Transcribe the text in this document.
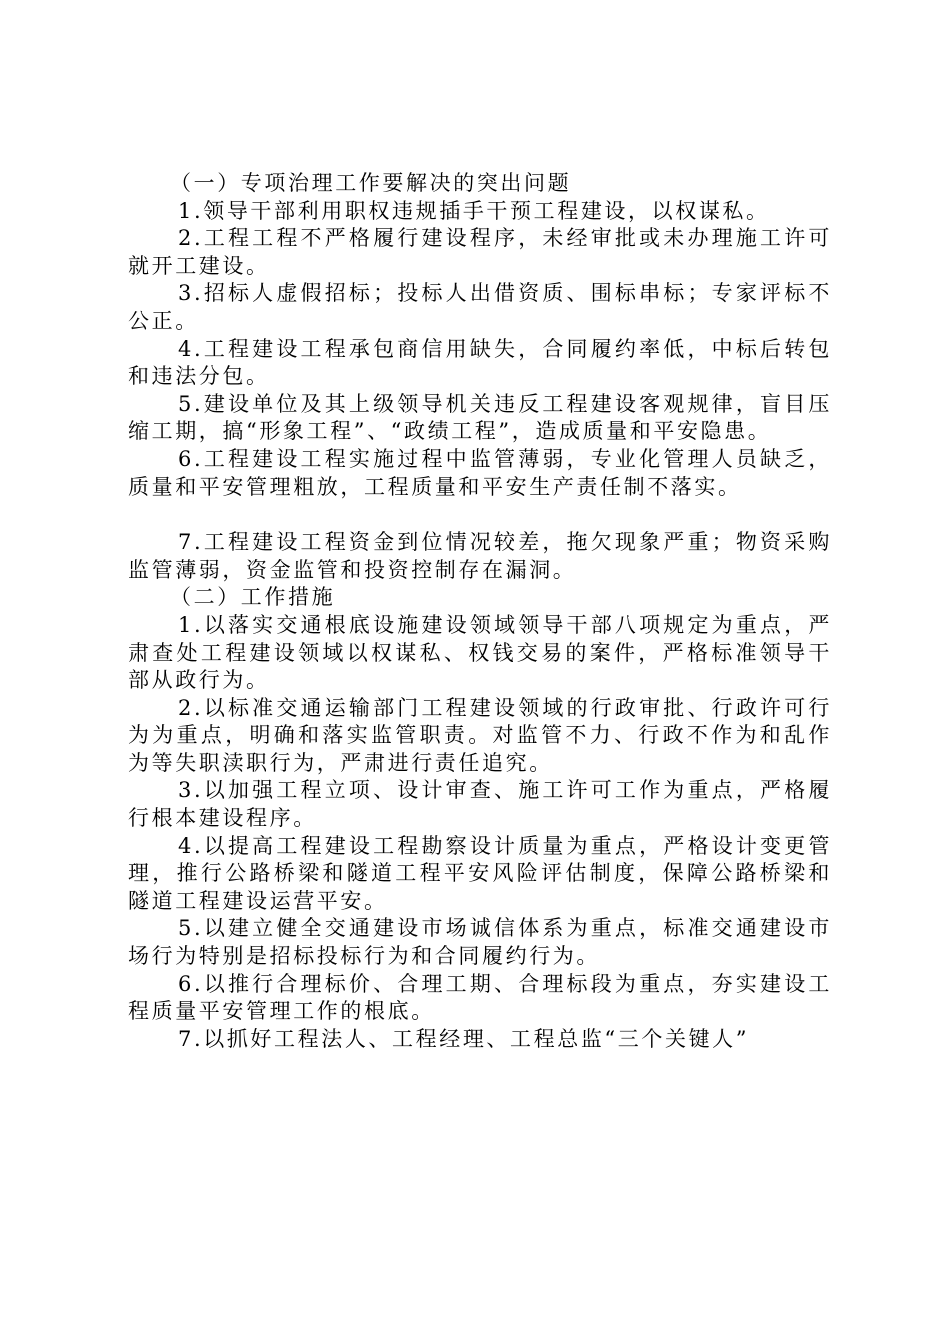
（一）专项治理工作要解决的突出问题

1.领导干部利用职权违规插手干预工程建设，以权谋私。

2.工程工程不严格履行建设程序，未经审批或未办理施工许可就开工建设。

3.招标人虚假招标；投标人出借资质、围标串标；专家评标不公正。

4.工程建设工程承包商信用缺失，合同履约率低，中标后转包和违法分包。

5.建设单位及其上级领导机关违反工程建设客观规律，盲目压缩工期，搞“形象工程”、“政绩工程”，造成质量和平安隐患。

6.工程建设工程实施过程中监管薄弱，专业化管理人员缺乏，质量和平安管理粗放，工程质量和平安生产责任制不落实。

7.工程建设工程资金到位情况较差，拖欠现象严重；物资采购监管薄弱，资金监管和投资控制存在漏洞。

（二）工作措施

1.以落实交通根底设施建设领域领导干部八项规定为重点，严肃查处工程建设领域以权谋私、权钱交易的案件，严格标准领导干部从政行为。

2.以标准交通运输部门工程建设领域的行政审批、行政许可行为为重点，明确和落实监管职责。对监管不力、行政不作为和乱作为等失职渎职行为，严肃进行责任追究。

3.以加强工程立项、设计审查、施工许可工作为重点，严格履行根本建设程序。

4.以提高工程建设工程勘察设计质量为重点，严格设计变更管理，推行公路桥梁和隧道工程平安风险评估制度，保障公路桥梁和隧道工程建设运营平安。

5.以建立健全交通建设市场诚信体系为重点，标准交通建设市场行为特别是招标投标行为和合同履约行为。

6.以推行合理标价、合理工期、合理标段为重点，夯实建设工程质量平安管理工作的根底。

7.以抓好工程法人、工程经理、工程总监“三个关键人”
